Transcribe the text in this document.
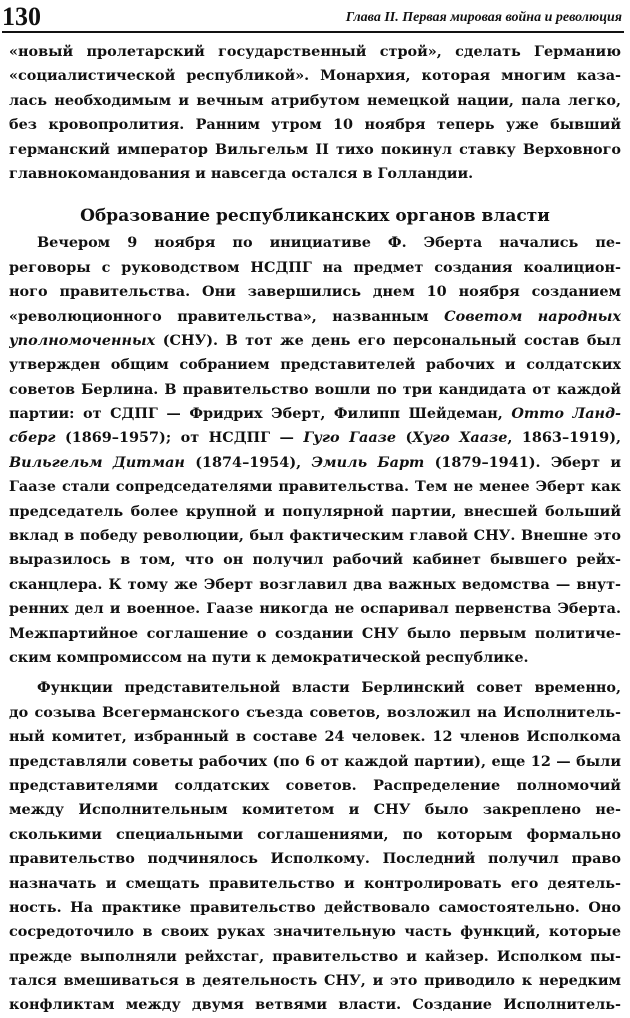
130	Глава II. Первая мировая война и революция
«новый пролетарский государственный строй», сделать Германию
«социалистической республикой». Монархия, которая многим каза-
лась необходимым и вечным атрибутом немецкой нации, пала легко,
без кровопролития. Ранним утром 10 ноября теперь уже бывший
германский император Вильгельм II тихо покинул ставку Верховного
главнокомандования и навсегда остался в Голландии.
Образование республиканских органов власти
Вечером 9 ноября по инициативе Ф. Эберта начались пе-
реговоры с руководством НСДПГ на предмет создания коалицион-
ного правительства. Они завершились днем 10 ноября созданием
«революционного правительства», названным Советом народных
уполномоченных (СНУ). В тот же день его персональный состав был
утвержден общим собранием представителей рабочих и солдатских
советов Берлина. В правительство вошли по три кандидата от каждой
партии: от СДПГ — Фридрих Эберт, Филипп Шейдеман, Отто Ланд-
сберг (1869–1957); от НСДПГ — Гуго Гаазе (Хуго Хаазе, 1863–1919),
Вильгельм Дитман (1874–1954), Эмиль Барт (1879–1941). Эберт и
Гаазе стали сопредседателями правительства. Тем не менее Эберт как
председатель более крупной и популярной партии, внесшей больший
вклад в победу революции, был фактическим главой СНУ. Внешне это
выразилось в том, что он получил рабочий кабинет бывшего рейх-
сканцлера. К тому же Эберт возглавил два важных ведомства — внут-
ренних дел и военное. Гаазе никогда не оспаривал первенства Эберта.
Межпартийное соглашение о создании СНУ было первым политиче-
ским компромиссом на пути к демократической республике.
Функции представительной власти Берлинский совет временно,
до созыва Всегерманского съезда советов, возложил на Исполнитель-
ный комитет, избранный в составе 24 человек. 12 членов Исполкома
представляли советы рабочих (по 6 от каждой партии), еще 12 — были
представителями солдатских советов. Распределение полномочий
между Исполнительным комитетом и СНУ было закреплено не-
сколькими специальными соглашениями, по которым формально
правительство подчинялось Исполкому. Последний получил право
назначать и смещать правительство и контролировать его деятель-
ность. На практике правительство действовало самостоятельно. Оно
сосредоточило в своих руках значительную часть функций, которые
прежде выполняли рейхстаг, правительство и кайзер. Исполком пы-
тался вмешиваться в деятельность СНУ, и это приводило к нередким
конфликтам между двумя ветвями власти. Создание Исполнитель-
